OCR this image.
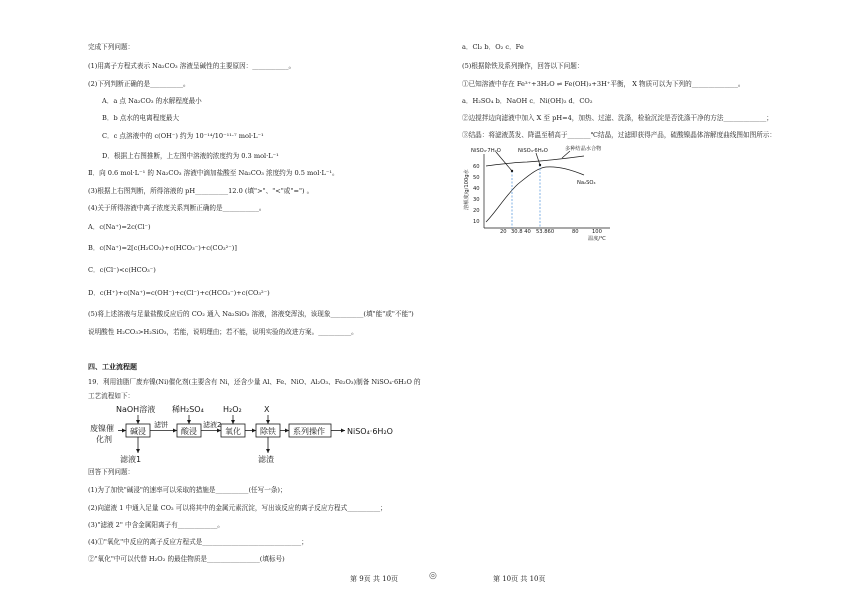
完成下列问题：
(1)用离子方程式表示 Na₂CO₃ 溶液呈碱性的主要原因：___________。
(2)下列判断正确的是__________。
A．a 点 Na₂CO₃ 的水解程度最小
B．b 点水的电离程度最大
C．c 点溶液中的 c(OH⁻) 约为 10⁻¹⁴/10⁻¹¹·⁷ mol·L⁻¹
D．根据上右图推断，上左图中溶液的浓度约为 0.3 mol·L⁻¹
Ⅱ．向 0.6 mol·L⁻¹ 的 Na₂CO₃ 溶液中滴加盐酸至 Na₂CO₃ 浓度约为 0.5 mol·L⁻¹。
(3)根据上右图判断，所得溶液的 pH__________12.0 (填">"、"<"或"=") 。
(4)关于所得溶液中离子浓度关系判断正确的是___________。
A．c(Na⁺)=2c(Cl⁻)
B．c(Na⁺)=2[c(H₂CO₃)+c(HCO₃⁻)+c(CO₃²⁻)]
C．c(Cl⁻)<c(HCO₃⁻)
D．c(H⁺)+c(Na⁺)=c(OH⁻)+c(Cl⁻)+c(HCO₃⁻)+c(CO₃²⁻)
(5)将上述溶液与足量盐酸反应后的 CO₂ 通入 Na₂SiO₃ 溶液，溶液变浑浊，该现象__________(填"能"或"不能")
说明酸性 H₂CO₃>H₂SiO₃，若能，说明理由；若不能，说明实验的改进方案。__________。
四、工业流程题
19．利用油脂厂废弃镍(Ni)催化剂(主要含有 Ni，还含少量 Al、Fe、NiO、Al₂O₃、Fe₂O₃)制备 NiSO₄·6H₂O 的
工艺流程如下：
废镍催
化剂
NaOH溶液 稀H₂SO₄ H₂O₂	X
碱浸	酸浸	氧化 除铁 系列操作
滤饼	滤液2
NiSO₄·6H₂O
滤液1	滤渣
回答下列问题：
(1)为了加快"碱浸"的速率可以采取的措施是__________(任写一条)；
(2)向滤液 1 中通入足量 CO₂ 可以将其中的金属元素沉淀，写出该反应的离子反应方程式__________；
(3)"滤液 2" 中含金属阳离子有____________。
(4)①"氧化"中反应的离子反应方程式是______________________________；
②"氧化"中可以代替 H₂O₂ 的最佳物质是________________(填标号)
a．Cl₂ b．O₂ c．Fe
(5)根据除铁及系列操作，回答以下问题：
①已知溶液中存在 Fe³⁺+3H₂O ⇌ Fe(OH)₃+3H⁺平衡， X 物质可以为下列的______________。
a．H₂SO₄ b．NaOH c．Ni(OH)₂ d．CO₂
②边搅拌边向滤液中加入 X 至 pH=4，加热、过滤、洗涤，检验沉淀是否洗涤干净的方法_____________；
③结晶：将滤液蒸发、降温至稍高于_______℃结晶，过滤即获得产品，硫酸镍晶体溶解度曲线图如图所示：
NiSO₄·7H₂O	NiSO₄·6H₂O	多种结晶水合物
Na₂SO₄
60
50
40
30
20
10
20 30.8 40 53.860	80	100
温度/℃
溶解度/g/100g水
第 9页 共 10页	◎	第 10页 共 10页
